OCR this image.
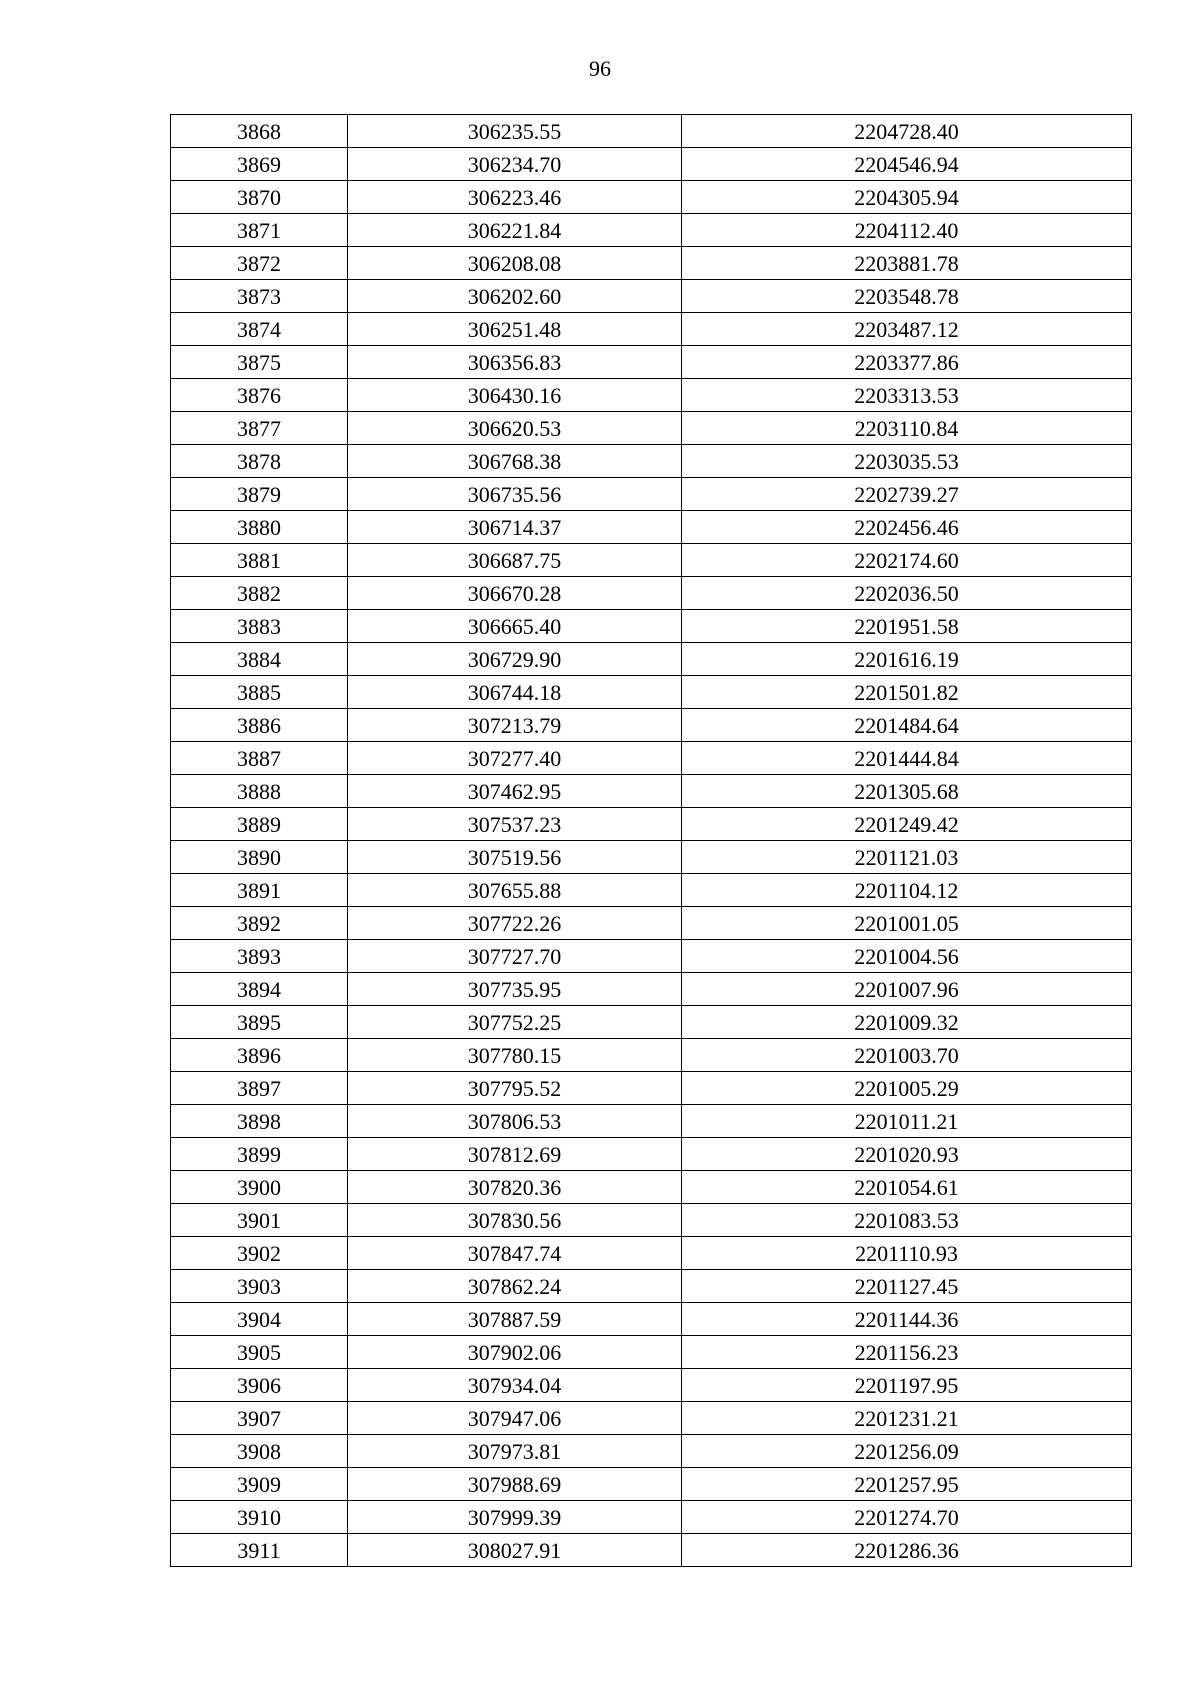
96
3868	306235.55	2204728.40
3869	306234.70	2204546.94
3870	306223.46	2204305.94
3871	306221.84	2204112.40
3872	306208.08	2203881.78
3873	306202.60	2203548.78
3874	306251.48	2203487.12
3875	306356.83	2203377.86
3876	306430.16	2203313.53
3877	306620.53	2203110.84
3878	306768.38	2203035.53
3879	306735.56	2202739.27
3880	306714.37	2202456.46
3881	306687.75	2202174.60
3882	306670.28	2202036.50
3883	306665.40	2201951.58
3884	306729.90	2201616.19
3885	306744.18	2201501.82
3886	307213.79	2201484.64
3887	307277.40	2201444.84
3888	307462.95	2201305.68
3889	307537.23	2201249.42
3890	307519.56	2201121.03
3891	307655.88	2201104.12
3892	307722.26	2201001.05
3893	307727.70	2201004.56
3894	307735.95	2201007.96
3895	307752.25	2201009.32
3896	307780.15	2201003.70
3897	307795.52	2201005.29
3898	307806.53	2201011.21
3899	307812.69	2201020.93
3900	307820.36	2201054.61
3901	307830.56	2201083.53
3902	307847.74	2201110.93
3903	307862.24	2201127.45
3904	307887.59	2201144.36
3905	307902.06	2201156.23
3906	307934.04	2201197.95
3907	307947.06	2201231.21
3908	307973.81	2201256.09
3909	307988.69	2201257.95
3910	307999.39	2201274.70
3911	308027.91	2201286.36
